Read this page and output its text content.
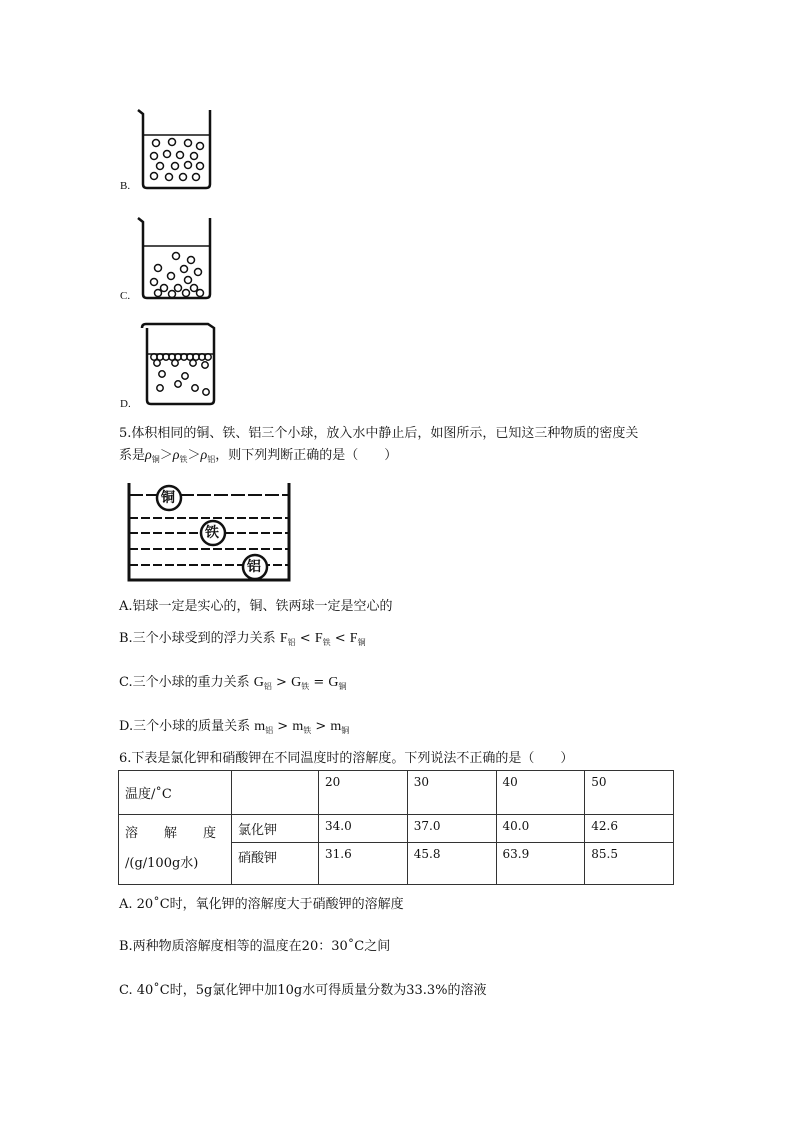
B.
C.
D.
5.体积相同的铜、铁、铝三个小球，放入水中静止后，如图所示，已知这三种物质的密度关
系是$\rho_铜>\rho_铁>\rho_铝$，则下列判断正确的是（　　）
铜
铁
铝
A.铝球一定是实心的，铜、铁两球一定是空心的
B.三个小球受到的浮力关系 $F_铝 < F_铁 < F_铜$
C.三个小球的重力关系 $G_铝 > G_铁 = G_铜$
D.三个小球的质量关系 $m_铝 > m_铁 > m_铜$
6.下表是氯化钾和硝酸钾在不同温度时的溶解度。下列说法不正确的是（　　）
温度/˚C		20	30	40	50

溶　　解　　度
/(g/100g水)	氯化钾	34.0	37.0	40.0	42.6
	硝酸钾	31.6	45.8	63.9	85.5
A. 20˚C时，氧化钾的溶解度大于硝酸钾的溶解度
B.两种物质溶解度相等的温度在20：30˚C之间
C. 40˚C时，5g氯化钾中加10g水可得质量分数为33.3%的溶液
